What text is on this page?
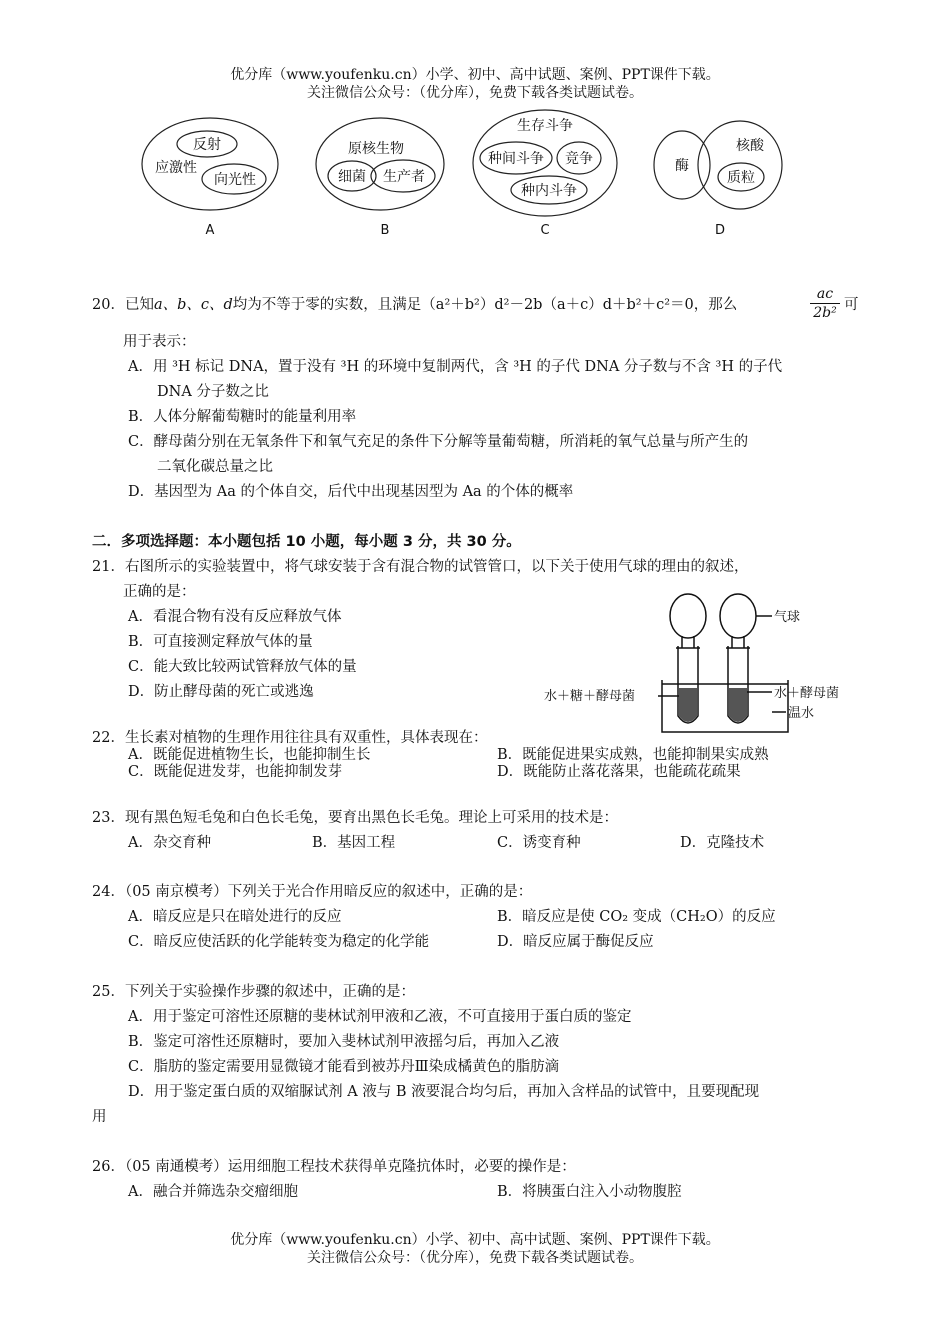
优分库（www.youfenku.cn）小学、初中、高中试题、案例、PPT课件下载。
关注微信公众号：（优分库），免费下载各类试题试卷。
应激性
反射
向光性
原核生物
细菌 生产者
生存斗争
种间斗争 竞争
种内斗争
酶
核酸
质粒
A	B	C	D
20．已知a、b、c、d均为不等于零的实数，且满足（a²＋b²）d²－2b（a＋c）d＋b²＋c²＝0，那么	$\frac{ac}{\text{2b²}}$ 可
用于表示：
A．用 ³H 标记 DNA，置于没有 ³H 的环境中复制两代，含 ³H 的子代 DNA 分子数与不含 ³H 的子代
DNA 分子数之比
B．人体分解葡萄糖时的能量利用率
C．酵母菌分别在无氧条件下和氧气充足的条件下分解等量葡萄糖，所消耗的氧气总量与所产生的
二氧化碳总量之比
D．基因型为 Aa 的个体自交，后代中出现基因型为 Aa 的个体的概率
二．多项选择题：本小题包括 10 小题，每小题 3 分，共 30 分。
21．右图所示的实验装置中，将气球安装于含有混合物的试管管口，以下关于使用气球的理由的叙述，
正确的是：
A．看混合物有没有反应释放气体
B．可直接测定释放气体的量
C．能大致比较两试管释放气体的量
D．防止酵母菌的死亡或逃逸
气球
水＋糖＋酵母菌	水＋酵母菌
温水
22．生长素对植物的生理作用往往具有双重性，具体表现在：
A．既能促进植物生长，也能抑制生长	B．既能促进果实成熟，也能抑制果实成熟
C．既能促进发芽，也能抑制发芽	D．既能防止落花落果，也能疏花疏果
23．现有黑色短毛兔和白色长毛兔，要育出黑色长毛兔。理论上可采用的技术是：
A．杂交育种	B．基因工程	C．诱变育种	D．克隆技术
24．（05 南京模考）下列关于光合作用暗反应的叙述中，正确的是：
A．暗反应是只在暗处进行的反应	B．暗反应是使 CO₂ 变成（CH₂O）的反应
C．暗反应使活跃的化学能转变为稳定的化学能	D．暗反应属于酶促反应
25．下列关于实验操作步骤的叙述中，正确的是：
A．用于鉴定可溶性还原糖的斐林试剂甲液和乙液，不可直接用于蛋白质的鉴定
B．鉴定可溶性还原糖时，要加入斐林试剂甲液摇匀后，再加入乙液
C．脂肪的鉴定需要用显微镜才能看到被苏丹Ⅲ染成橘黄色的脂肪滴
D．用于鉴定蛋白质的双缩脲试剂 A 液与 B 液要混合均匀后，再加入含样品的试管中，且要现配现
用
26．（05 南通模考）运用细胞工程技术获得单克隆抗体时，必要的操作是：
A．融合并筛选杂交瘤细胞	B．将胰蛋白注入小动物腹腔
优分库（www.youfenku.cn）小学、初中、高中试题、案例、PPT课件下载。
关注微信公众号：（优分库），免费下载各类试题试卷。
